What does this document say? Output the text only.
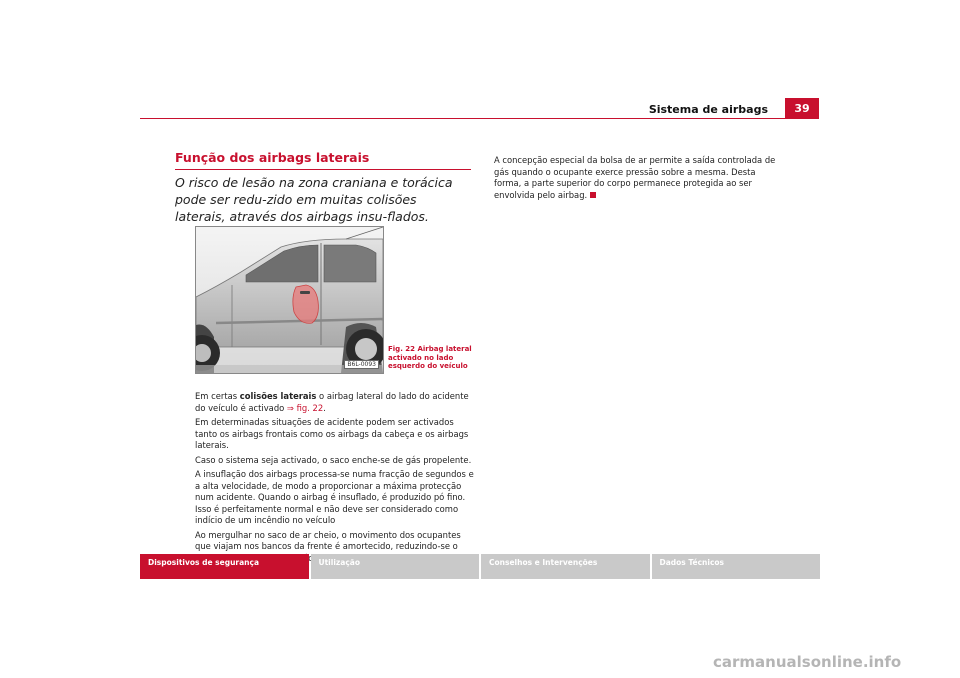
Sistema de airbags	39
Função dos airbags laterais
O risco de lesão na zona craniana e torácica pode ser redu-zido em muitas colisões laterais, através dos airbags insu-flados.
B6L-0093
Fig. 22 Airbag lateral activado no lado esquerdo do veículo

Em certas colisões laterais o airbag lateral do lado do acidente do veículo é activado ⇒ fig. 22.

Em determinadas situações de acidente podem ser activados tanto os airbags frontais como os airbags da cabeça e os airbags laterais.

Caso o sistema seja activado, o saco enche-se de gás propelente.

A insuflação dos airbags processa-se numa fracção de segundos e a alta velocidade, de modo a proporcionar a máxima protecção num acidente. Quando o airbag é insuflado, é produzido pó fino. Isso é perfeitamente normal e não deve ser considerado como indício de um incêndio no veículo

Ao mergulhar no saco de ar cheio, o movimento dos ocupantes que viajam nos bancos da frente é amortecido, reduzindo-se o torácica.

A concepção especial da bolsa de ar permite a saída controlada de gás quando o ocupante exerce pressão sobre a mesma. Desta forma, a parte superior do corpo permanece protegida ao ser envolvida pelo airbag.

Dispositivos de segurança	Utilização	Conselhos e Intervenções	Dados Técnicos
carmanualsonline.info
